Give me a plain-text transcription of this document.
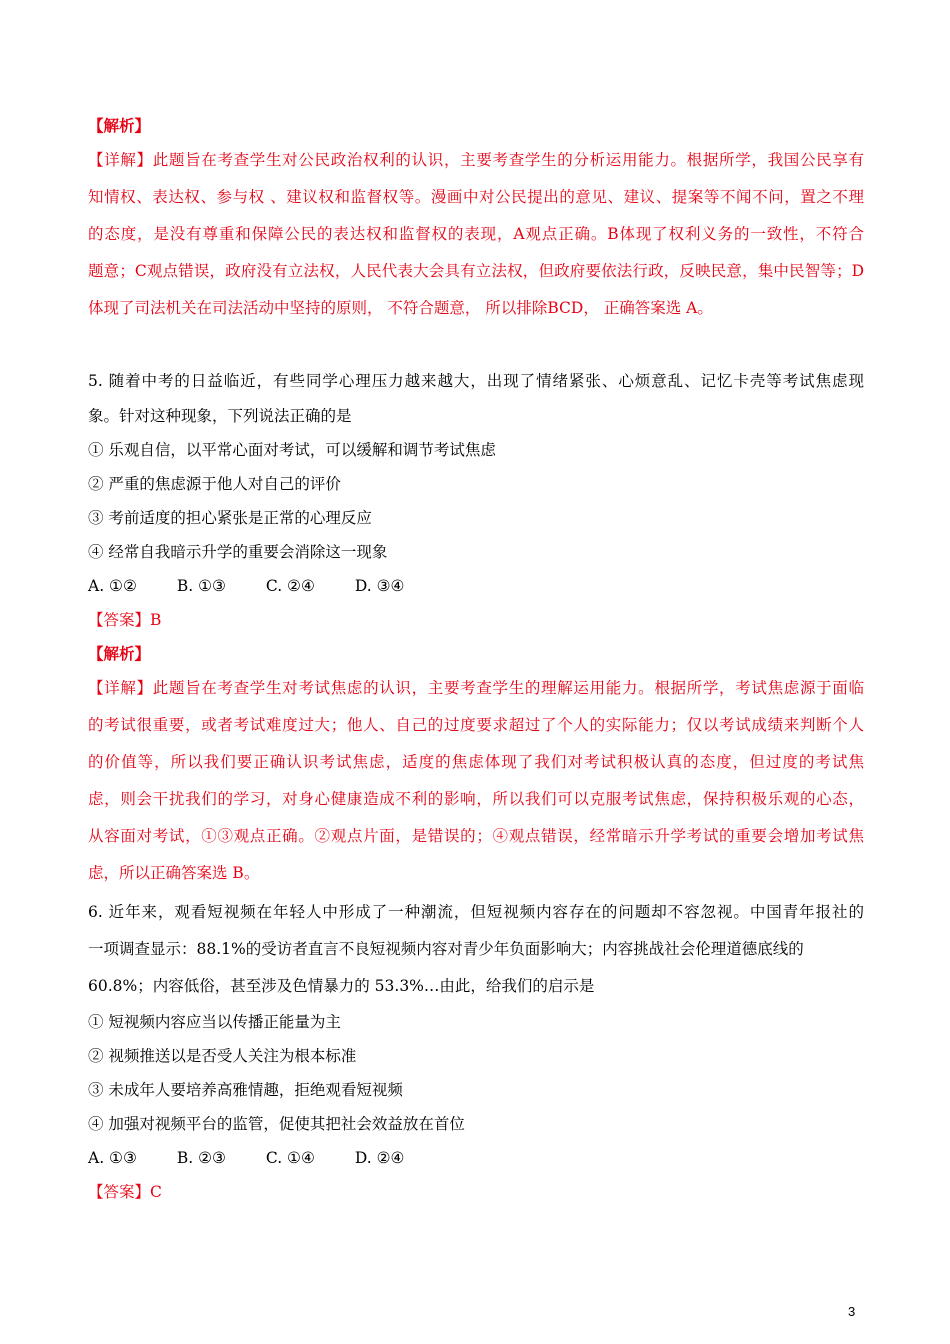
【解析】
【详解】此题旨在考查学生对公民政治权利的认识，主要考查学生的分析运用能力。根据所学，我国公民享有
知情权、表达权、参与权 、建议权和监督权等。漫画中对公民提出的意见、建议、提案等不闻不问，置之不理
的态度，是没有尊重和保障公民的表达权和监督权的表现，A观点正确。B体现了权利义务的一致性，不符合
题意；C观点错误，政府没有立法权，人民代表大会具有立法权，但政府要依法行政，反映民意，集中民智等；D
体现了司法机关在司法活动中坚持的原则， 不符合题意， 所以排除BCD， 正确答案选 A。
5. 随着中考的日益临近，有些同学心理压力越来越大，出现了情绪紧张、心烦意乱、记忆卡壳等考试焦虑现
象。针对这种现象，下列说法正确的是
① 乐观自信，以平常心面对考试，可以缓解和调节考试焦虑
② 严重的焦虑源于他人对自己的评价
③ 考前适度的担心紧张是正常的心理反应
④ 经常自我暗示升学的重要会消除这一现象
A. ①②	B. ①③	C. ②④	D. ③④
【答案】B
【解析】
【详解】此题旨在考查学生对考试焦虑的认识，主要考查学生的理解运用能力。根据所学，考试焦虑源于面临
的考试很重要，或者考试难度过大；他人、自己的过度要求超过了个人的实际能力；仅以考试成绩来判断个人
的价值等，所以我们要正确认识考试焦虑，适度的焦虑体现了我们对考试积极认真的态度，但过度的考试焦
虑，则会干扰我们的学习，对身心健康造成不利的影响，所以我们可以克服考试焦虑，保持积极乐观的心态，
从容面对考试，①③观点正确。②观点片面，是错误的；④观点错误，经常暗示升学考试的重要会增加考试焦
虑，所以正确答案选 B。
6. 近年来，观看短视频在年轻人中形成了一种潮流，但短视频内容存在的问题却不容忽视。中国青年报社的
一项调查显示：88.1%的受访者直言不良短视频内容对青少年负面影响大；内容挑战社会伦理道德底线的
60.8%；内容低俗，甚至涉及色情暴力的 53.3%…由此，给我们的启示是
① 短视频内容应当以传播正能量为主
② 视频推送以是否受人关注为根本标准
③ 未成年人要培养高雅情趣，拒绝观看短视频
④ 加强对视频平台的监管，促使其把社会效益放在首位
A. ①③	B. ②③	C. ①④	D. ②④
【答案】C
3
